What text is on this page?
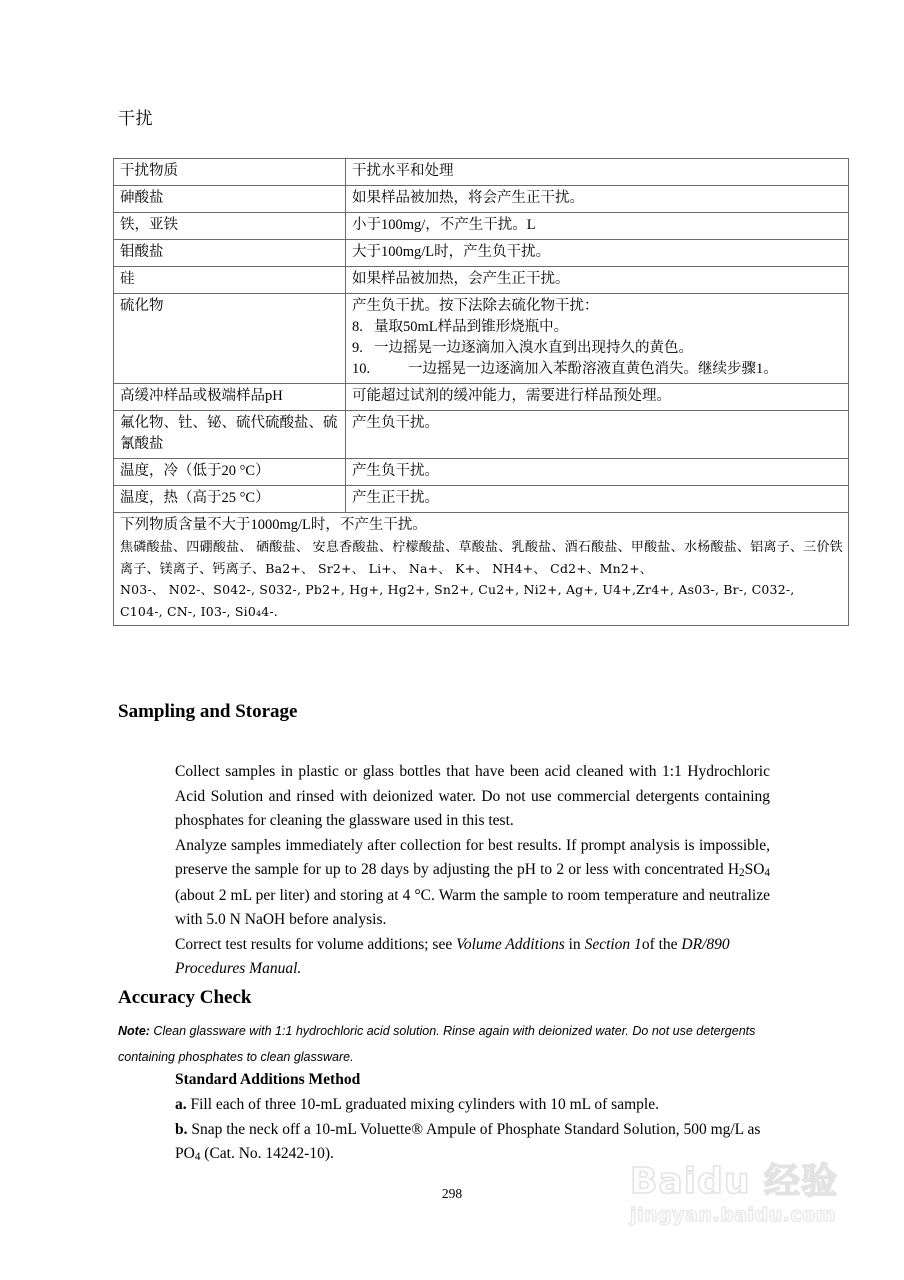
干扰
干扰物质	干扰水平和处理
砷酸盐	如果样品被加热，将会产生正干扰。
铁，亚铁	小于100mg/，不产生干扰。L
钼酸盐	大于100mg/L时，产生负干扰。
硅	如果样品被加热，会产生正干扰。
硫化物	产生负干扰。按下法除去硫化物干扰：
8. 量取50mL样品到锥形烧瓶中。
9. 一边摇晃一边逐滴加入溴水直到出现持久的黄色。
10.	一边摇晃一边逐滴加入苯酚溶液直黄色消失。继续步骤1。

高缓冲样品或极端样品pH	可能超过试剂的缓冲能力，需要进行样品预处理。
氟化物、钍、铋、硫代硫酸盐、硫氰酸盐	产生负干扰。
温度，冷（低于20 °C）	产生负干扰。
温度，热（高于25 °C）	产生正干扰。

下列物质含量不大于1000mg/L时，不产生干扰。
焦磷酸盐、四硼酸盐、 硒酸盐、 安息香酸盐、柠檬酸盐、草酸盐、乳酸盐、酒石酸盐、甲酸盐、水杨酸盐、铝离子、三价铁离子、镁离子、钙离子、Ba2+、 Sr2+、 Li+、 Na+、 K+、 NH4+、 Cd2+、Mn2+、
N03-、 N02-、S042-, S032-, Pb2+, Hg+, Hg2+, Sn2+, Cu2+, Ni2+, Ag+, U4+,Zr4+, As03-, Br-, C032-,
C104-, CN-, I03-, Si0₄4-.	
Sampling and Storage

Collect samples in plastic or glass bottles that have been acid cleaned with 1:1 Hydrochloric Acid Solution and rinsed with deionized water. Do not use commercial detergents containing phosphates for cleaning the glassware used in this test.

Analyze samples immediately after collection for best results. If prompt analysis is impossible, preserve the sample for up to 28 days by adjusting the pH to 2 or less with concentrated $H_2SO_4$ (about 2 mL per liter) and storing at 4 °C. Warm the sample to room temperature and neutralize with 5.0 N NaOH before analysis.

Correct test results for volume additions; see Volume Additions in Section 1of the DR/890 Procedures Manual.

Accuracy Check
Note: Clean glassware with 1:1 hydrochloric acid solution. Rinse again with deionized water. Do not use detergents containing phosphates to clean glassware.
Standard Additions Method

a. Fill each of three 10-mL graduated mixing cylinders with 10 mL of sample.

b. Snap the neck off a 10-mL Voluette® Ampule of Phosphate Standard Solution, 500 mg/L as $PO_4$ (Cat. No. 14242-10).

298	Baidu 经验
jingyan.baidu.com
